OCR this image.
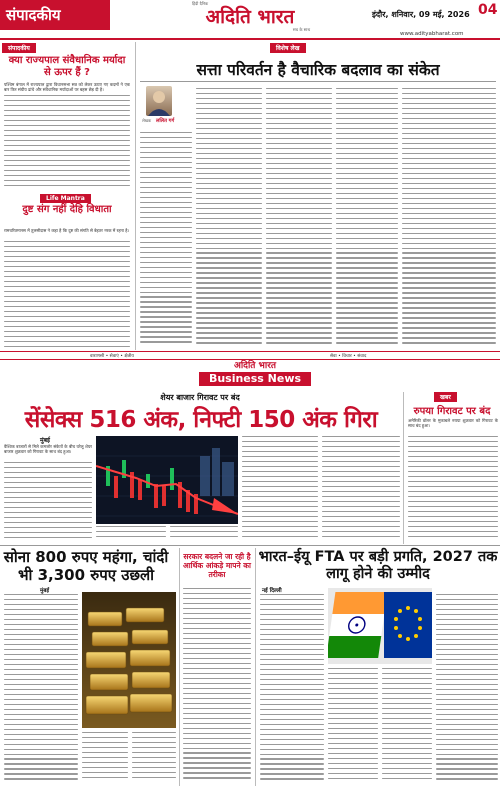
संपादकीय
हिंदी दैनिक
अदिति भारत
सच के साथ
इंदौर, शनिवार, 09 मई, 2026 04
www.adityabharat.com
संपादकीय
क्या राज्यपाल संवैधानिक मर्यादा से ऊपर हैं ?
पश्चिम बंगाल में राज्यपाल द्वारा विधानसभा सत्र को लेकर उठाए गए कदमों ने एक बार फिर संघीय ढांचे और संवैधानिक मर्यादाओं पर बहस छेड़ दी है।
Life Mantra
दुष्ट संग नहीं देहि विधाता
रामचरितमानस में तुलसीदास ने कहा है कि दुष्ट की संगति से बेहतर नरक में रहना है।
विशेष लेख
सत्ता परिवर्तन है वैचारिक बदलाव का संकेत
लेखक ललित गर्ग
वाराणसी • सेवाएं • क्षेत्रीय	सेवा • विचार • संवाद
अदिति भारत
Business News
शेयर बाजार गिरावट पर बंद
सेंसेक्स 516 अंक, निफ्टी 150 अंक गिरा
मुंबई
वैश्विक बाजारों से मिले कमजोर संकेतों के बीच घरेलू शेयर बाजार शुक्रवार को गिरावट के साथ बंद हुआ।
खबर
रुपया गिरावट पर बंद
अमेरिकी डॉलर के मुकाबले रुपया शुक्रवार को गिरावट के साथ बंद हुआ।
सोना 800 रुपए महंगा, चांदी भी 3,300 रुपए उछली
मुंबई
सरकार बदलने जा रही है आर्थिक आंकड़े मापने का तरीका
भारत–ईयू FTA पर बड़ी प्रगति, 2027 तक लागू होने की उम्मीद
नई दिल्ली
